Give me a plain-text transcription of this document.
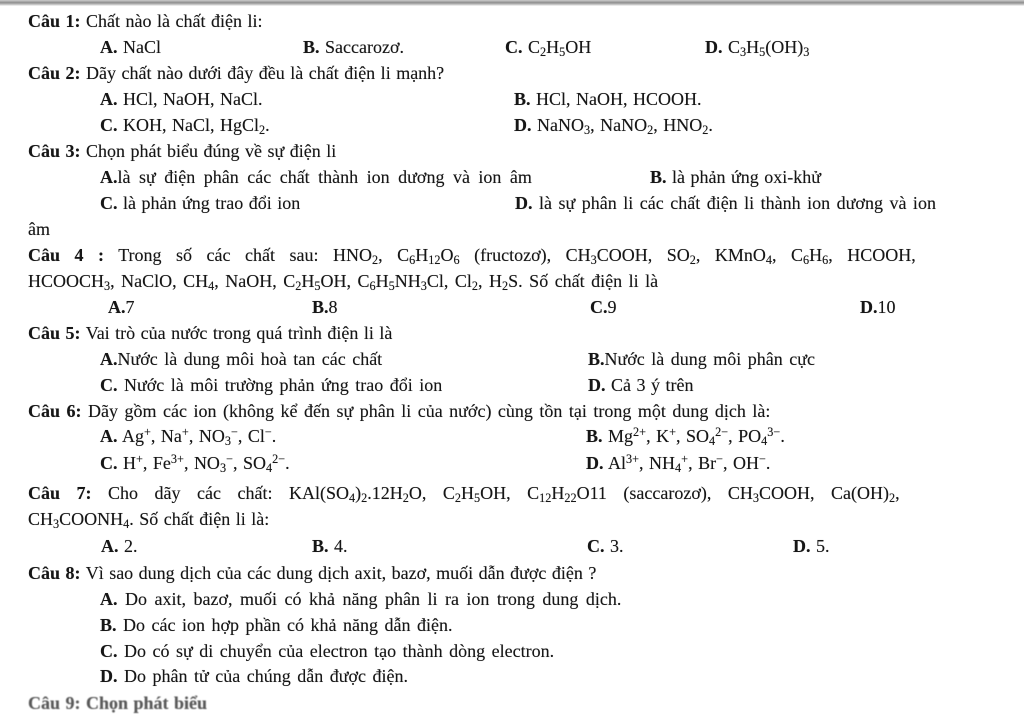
Câu 1: Chất nào là chất điện li:
A. NaCl	B. Saccarozơ.	C. $C_2H_5OH$	D. $C_3H_5(OH)_3$
Câu 2: Dãy chất nào dưới đây đều là chất điện li mạnh?
A. HCl, NaOH, NaCl.	B. HCl, NaOH, HCOOH.
C. KOH, NaCl, HgCl$_2$.	D. NaNO$_3$, NaNO$_2$, $HNO_2$.
Câu 3: Chọn phát biểu đúng về sự điện li
A.là sự điện phân các chất thành ion dương và ion âm	B. là phản ứng oxi-khử
C. là phản ứng trao đổi ion	D. là sự phân li các chất điện li thành ion dương và ion
âm
Câu 4 : Trong số các chất sau: $HNO_2$, $C_6H_{12}O_6$ (fructozơ), $CH_3COOH$, $SO_2$, KMnO$_4$, $C_6H_6$, HCOOH,
$HCOOCH_3$, NaClO, $CH_4$, NaOH, $C_2H_5OH$, $C_6H_5NH_3Cl$, $Cl_2$, $H_2S$. Số chất điện li là
A.7	B.8	C.9	D.10
Câu 5: Vai trò của nước trong quá trình điện li là
A.Nước là dung môi hoà tan các chất	B.Nước là dung môi phân cực
C. Nước là môi trường phản ứng trao đổi ion	D. Cả 3 ý trên
Câu 6: Dãy gồm các ion (không kể đến sự phân li của nước) cùng tồn tại trong một dung dịch là:
A. Ag+, Na+, $NO_3^-$, Cl−.	B. $Mg^{2+}$, K+, $SO_4^{2-}$, $PO_4^{3-}$.
C. H+, $Fe^{3+}$, $NO_3^-$, $SO_4^{2-}$.	D. $Al^{3+}$, $NH_4^+$, Br−, OH−.
Câu 7: Cho dãy các chất: $KAl(SO_4)_2.12H_2O$, $C_2H_5OH$, $C_{12}H_{22}O11$ (saccarozơ), $CH_3COOH$, $Ca(OH)_2$,
$CH_3COONH_4$. Số chất điện li là:
A. 2.	B. 4.	C. 3.	D. 5.
Câu 8: Vì sao dung dịch của các dung dịch axit, bazơ, muối dẫn được điện ?
A. Do axit, bazơ, muối có khả năng phân li ra ion trong dung dịch.
B. Do các ion hợp phần có khả năng dẫn điện.
C. Do có sự di chuyển của electron tạo thành dòng electron.
D. Do phân tử của chúng dẫn được điện.
Câu 9: Chọn phát biểu
